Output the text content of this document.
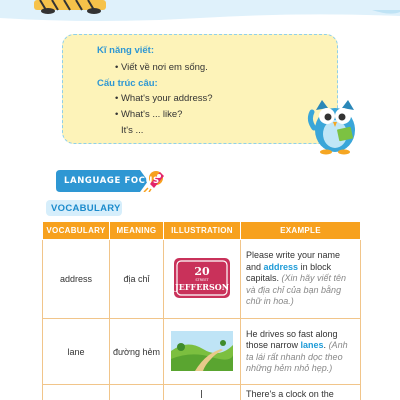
Kĩ năng viết:
• Viết về nơi em sống.
Cấu trúc câu:
• What's your address?
• What's ... like?
It's ...
LANGUAGE FOCUS
VOCABULARY
VOCABULARY	MEANING	ILLUSTRATION	EXAMPLE
address	địa chỉ	20
STREET
JEFFERSON	Please write your name and address in block capitals. (Xin hãy viết tên và địa chỉ của bạn bằng chữ in hoa.)
lane	đường hẻm		He drives so fast along those narrow lanes. (Anh ta lái rất nhanh dọc theo những hẻm nhỏ hẹp.)
			There's a clock on the
